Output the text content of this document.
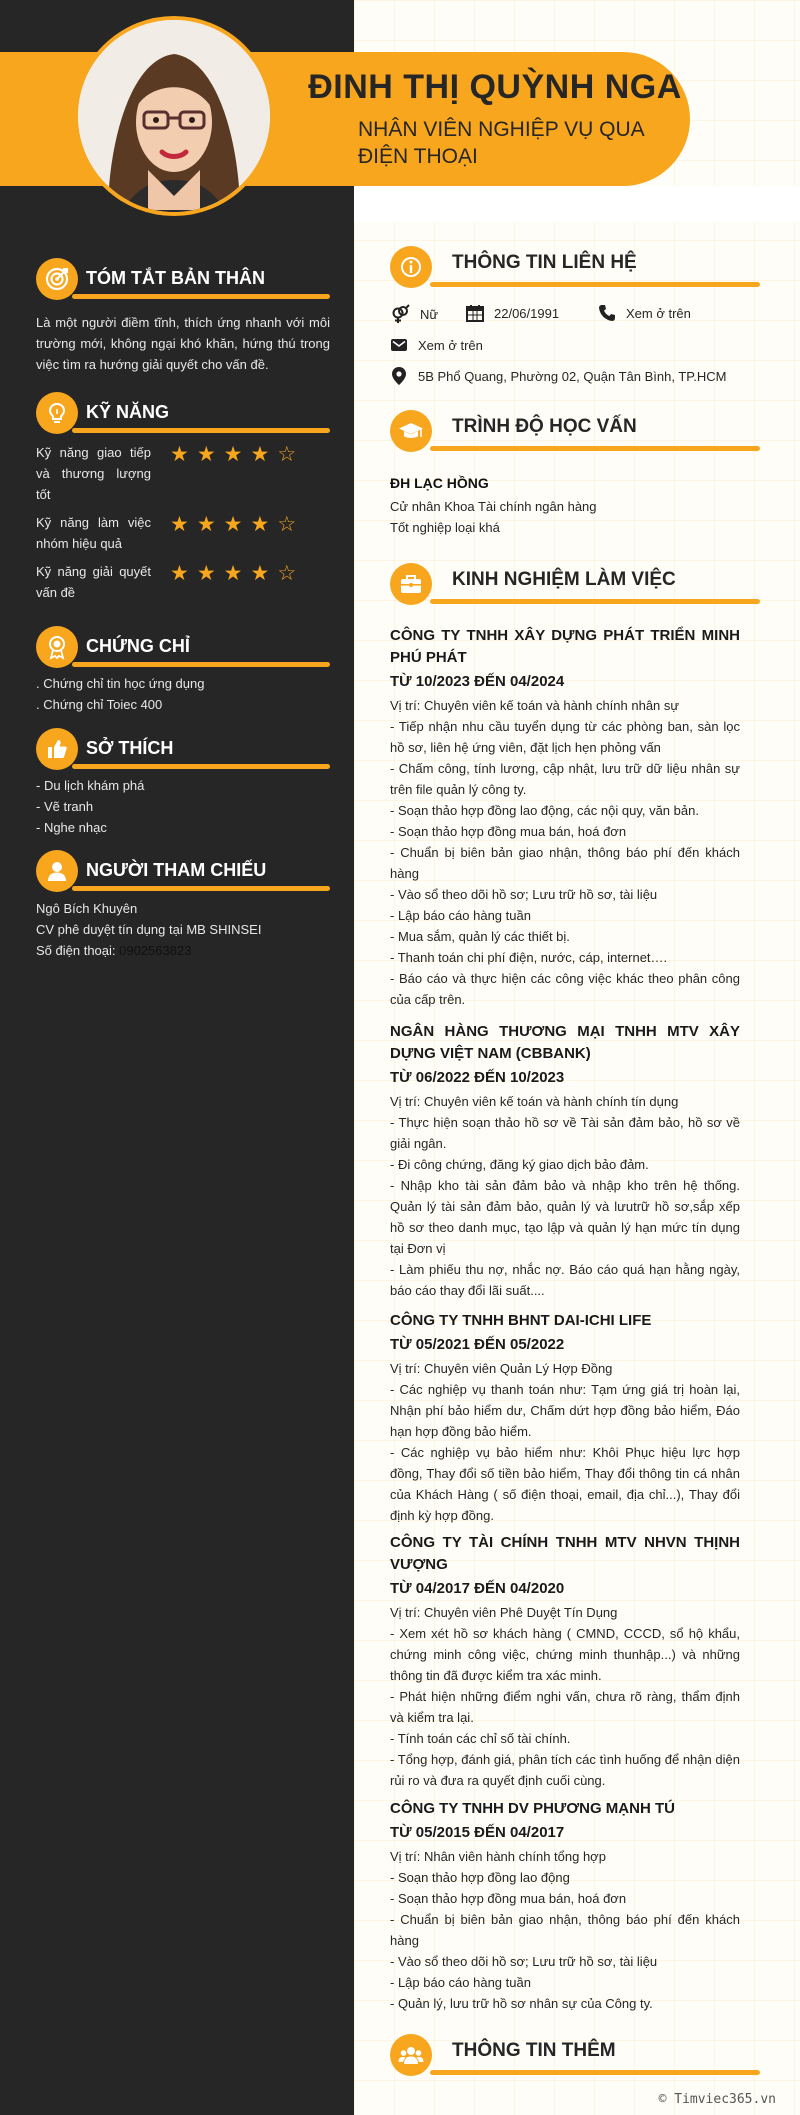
ĐINH THỊ QUỲNH NGA
NHÂN VIÊN NGHIỆP VỤ QUA ĐIỆN THOẠI
TÓM TẮT BẢN THÂN
Là một người điềm tĩnh, thích ứng nhanh với môi trường mới, không ngại khó khăn, hứng thú trong việc tìm ra hướng giải quyết cho vấn đề.
KỸ NĂNG
Kỹ năng giao tiếp và thương lượng tốt
★ ★ ★ ★ ☆
Kỹ năng làm việc nhóm hiệu quả
★ ★ ★ ★ ☆
Kỹ năng giải quyết vấn đề
★ ★ ★ ★ ☆
CHỨNG CHỈ
. Chứng chỉ tin học ứng dụng
. Chứng chỉ Toiec 400
SỞ THÍCH
- Du lịch khám phá
- Vẽ tranh
- Nghe nhạc
NGƯỜI THAM CHIẾU
Ngô Bích Khuyên
CV phê duyệt tín dụng tại MB SHINSEI
Số điện thoại: 0902563823
THÔNG TIN LIÊN HỆ
Nữ	22/06/1991	Xem ở trên
Xem ở trên
5B Phổ Quang, Phường 02, Quận Tân Bình, TP.HCM
TRÌNH ĐỘ HỌC VẤN
ĐH LẠC HỒNG
Cử nhân Khoa Tài chính ngân hàng
Tốt nghiệp loại khá
KINH NGHIỆM LÀM VIỆC
CÔNG TY TNHH XÂY DỰNG PHÁT TRIỂN MINH PHÚ PHÁT
TỪ 10/2023 ĐẾN 04/2024
Vị trí: Chuyên viên kế toán và hành chính nhân sự
- Tiếp nhận nhu cầu tuyển dụng từ các phòng ban, sàn lọc hồ sơ, liên hệ ứng viên, đặt lịch hẹn phỏng vấn
- Chấm công, tính lương, cập nhật, lưu trữ dữ liệu nhân sự trên file quản lý công ty.
- Soạn thảo hợp đồng lao động, các nội quy, văn bản.
- Soạn thảo hợp đồng mua bán, hoá đơn
- Chuẩn bị biên bản giao nhận, thông báo phí đến khách hàng
- Vào sổ theo dõi hồ sơ; Lưu trữ hồ sơ, tài liệu
- Lập báo cáo hàng tuần
- Mua sắm, quản lý các thiết bị.
- Thanh toán chi phí điện, nước, cáp, internet….
- Báo cáo và thực hiện các công việc khác theo phân công của cấp trên.
NGÂN HÀNG THƯƠNG MẠI TNHH MTV XÂY DỰNG VIỆT NAM (CBBANK)
TỪ 06/2022 ĐẾN 10/2023
Vị trí: Chuyên viên kế toán và hành chính tín dụng
- Thực hiện soạn thảo hồ sơ về Tài sản đảm bảo, hồ sơ về giải ngân.
- Đi công chứng, đăng ký giao dịch bảo đảm.
- Nhập kho tài sản đảm bảo và nhập kho trên hệ thống. Quản lý tài sản đảm bảo, quản lý và lưutrữ hồ sơ,sắp xếp hồ sơ theo danh mục, tạo lập và quản lý hạn mức tín dụng tại Đơn vị
- Làm phiếu thu nợ, nhắc nợ. Báo cáo quá hạn hằng ngày, báo cáo thay đổi lãi suất....
CÔNG TY TNHH BHNT DAI-ICHI LIFE
TỪ 05/2021 ĐẾN 05/2022
Vị trí: Chuyên viên Quản Lý Hợp Đồng
- Các nghiệp vụ thanh toán như: Tạm ứng giá trị hoàn lại, Nhận phí bảo hiểm dư, Chấm dứt hợp đồng bảo hiểm, Đáo hạn hợp đồng bảo hiểm.
- Các nghiệp vụ bảo hiểm như: Khôi Phục hiệu lực hợp đồng, Thay đổi số tiền bảo hiểm, Thay đổi thông tin cá nhân của Khách Hàng ( số điện thoại, email, địa chỉ...), Thay đổi định kỳ hợp đồng.
CÔNG TY TÀI CHÍNH TNHH MTV NHVN THỊNH VƯỢNG
TỪ 04/2017 ĐẾN 04/2020
Vị trí: Chuyên viên Phê Duyệt Tín Dụng
- Xem xét hồ sơ khách hàng ( CMND, CCCD, sổ hộ khẩu, chứng minh công việc, chứng minh thunhập...) và những thông tin đã được kiểm tra xác minh.
- Phát hiện những điểm nghi vấn, chưa rõ ràng, thẩm định và kiểm tra lại.
- Tính toán các chỉ số tài chính.
- Tổng hợp, đánh giá, phân tích các tình huống để nhận diện rủi ro và đưa ra quyết định cuối cùng.
CÔNG TY TNHH DV PHƯƠNG MẠNH TÚ
TỪ 05/2015 ĐẾN 04/2017
Vị trí: Nhân viên hành chính tổng hợp
- Soạn thảo hợp đồng lao động
- Soạn thảo hợp đồng mua bán, hoá đơn
- Chuẩn bị biên bản giao nhận, thông báo phí đến khách hàng
- Vào sổ theo dõi hồ sơ; Lưu trữ hồ sơ, tài liệu
- Lập báo cáo hàng tuần
- Quản lý, lưu trữ hồ sơ nhân sự của Công ty.
THÔNG TIN THÊM
© Timviec365.vn
